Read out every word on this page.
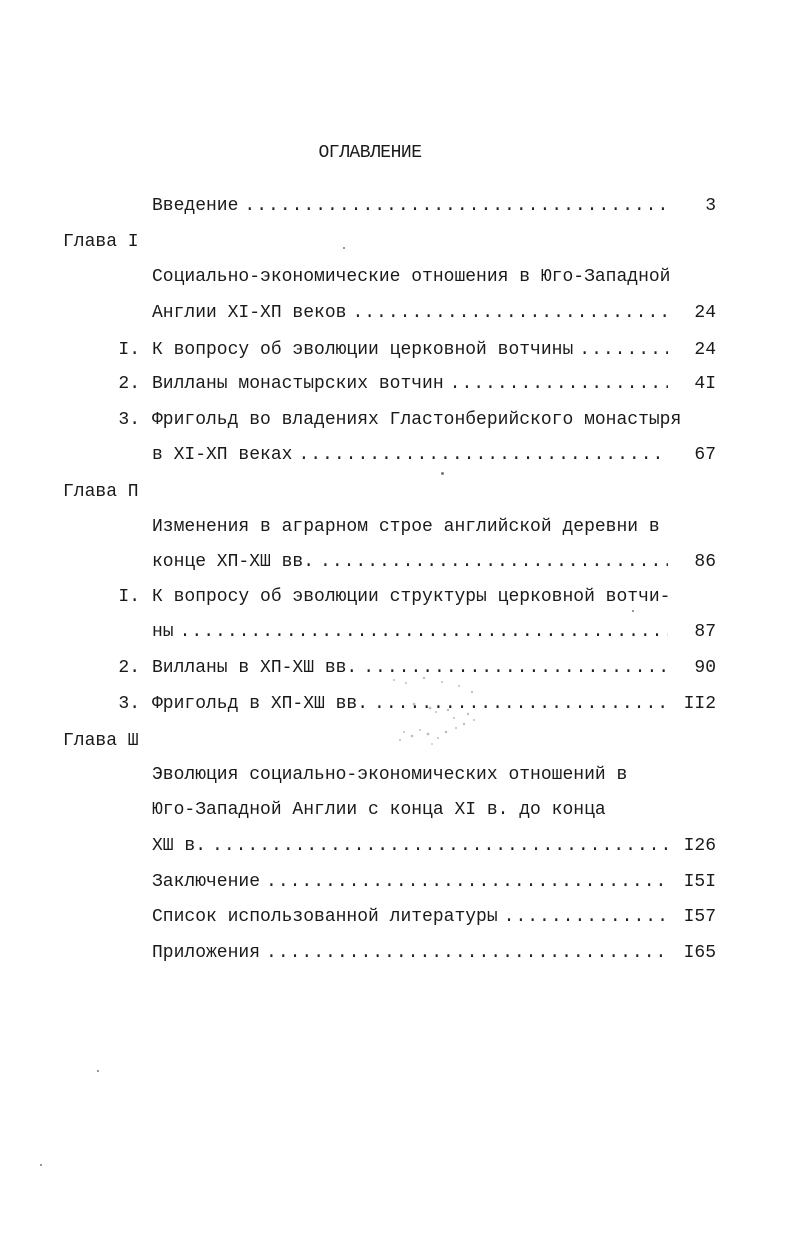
ОГЛАВЛЕНИЕ
Введение .....	3
Глава I
Социально-экономические отношения в Юго-Западной
Англии XI-XП веков .....	24
I. К вопросу об эволюции церковной вотчины .....	24
2. Вилланы монастырских вотчин .....	4I
3. Фригольд во владениях Гластонберийского монастыря
в XI-XП веках .....	67
Глава П
Изменения в аграрном строе английской деревни в
конце XП-XШ вв. .....	86
I. К вопросу об эволюции структуры церковной вотчи-
ны .....	87
2. Вилланы в XП-XШ вв. .....	90
3. Фригольд в XП-XШ вв. .....	II2
Глава Ш
Эволюция социально-экономических отношений в
Юго-Западной Англии с конца XI в. до конца
XШ в. .....	I26
Заключение .....	I5I
Список использованной литературы .....	I57
Приложения .....	I65
